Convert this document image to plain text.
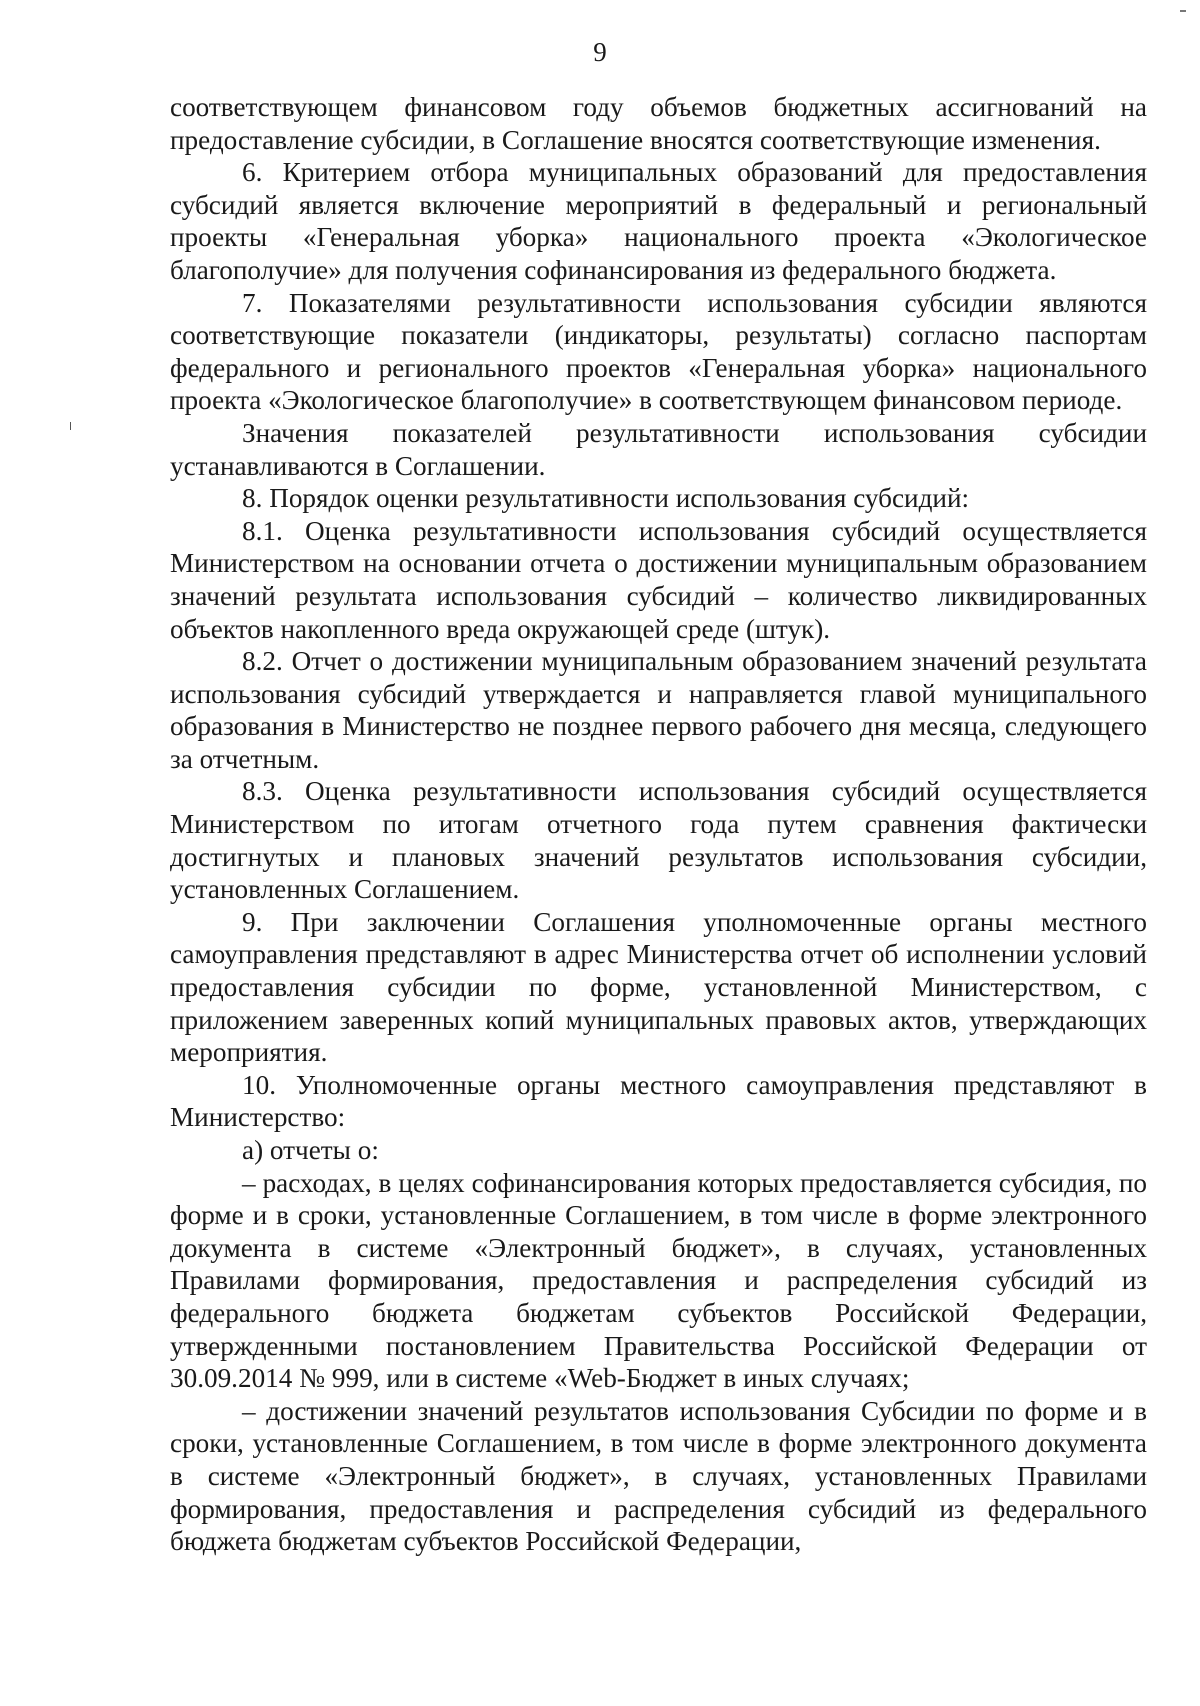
9

соответствующем финансовом году объемов бюджетных ассигнований на предоставление субсидии, в Соглашение вносятся соответствующие изменения.

6. Критерием отбора муниципальных образований для предоставления субсидий является включение мероприятий в федеральный и региональный проекты «Генеральная уборка» национального проекта «Экологическое благополучие» для получения софинансирования из федерального бюджета.

7. Показателями результативности использования субсидии являются соответствующие показатели (индикаторы, результаты) согласно паспортам федерального и регионального проектов «Генеральная уборка» национального проекта «Экологическое благополучие» в соответствующем финансовом периоде.

Значения показателей результативности использования субсидии устанавливаются в Соглашении.

8. Порядок оценки результативности использования субсидий:

8.1. Оценка результативности использования субсидий осуществляется Министерством на основании отчета о достижении муниципальным образованием значений результата использования субсидий – количество ликвидированных объектов накопленного вреда окружающей среде (штук).

8.2. Отчет о достижении муниципальным образованием значений результата использования субсидий утверждается и направляется главой муниципального образования в Министерство не позднее первого рабочего дня месяца, следующего за отчетным.

8.3. Оценка результативности использования субсидий осуществляется Министерством по итогам отчетного года путем сравнения фактически достигнутых и плановых значений результатов использования субсидии, установленных Соглашением.

9. При заключении Соглашения уполномоченные органы местного самоуправления представляют в адрес Министерства отчет об исполнении условий предоставления субсидии по форме, установленной Министерством, с приложением заверенных копий муниципальных правовых актов, утверждающих мероприятия.

10. Уполномоченные органы местного самоуправления представляют в Министерство:

а) отчеты о:

– расходах, в целях софинансирования которых предоставляется субсидия, по форме и в сроки, установленные Соглашением, в том числе в форме электронного документа в системе «Электронный бюджет», в случаях, установленных Правилами формирования, предоставления и распределения субсидий из федерального бюджета бюджетам субъектов Российской Федерации, утвержденными постановлением Правительства Российской Федерации от 30.09.2014 № 999, или в системе «Web-Бюджет в иных случаях;

– достижении значений результатов использования Субсидии по форме и в сроки, установленные Соглашением, в том числе в форме электронного документа в системе «Электронный бюджет», в случаях, установленных Правилами формирования, предоставления и распределения субсидий из федерального бюджета бюджетам субъектов Российской Федерации,
